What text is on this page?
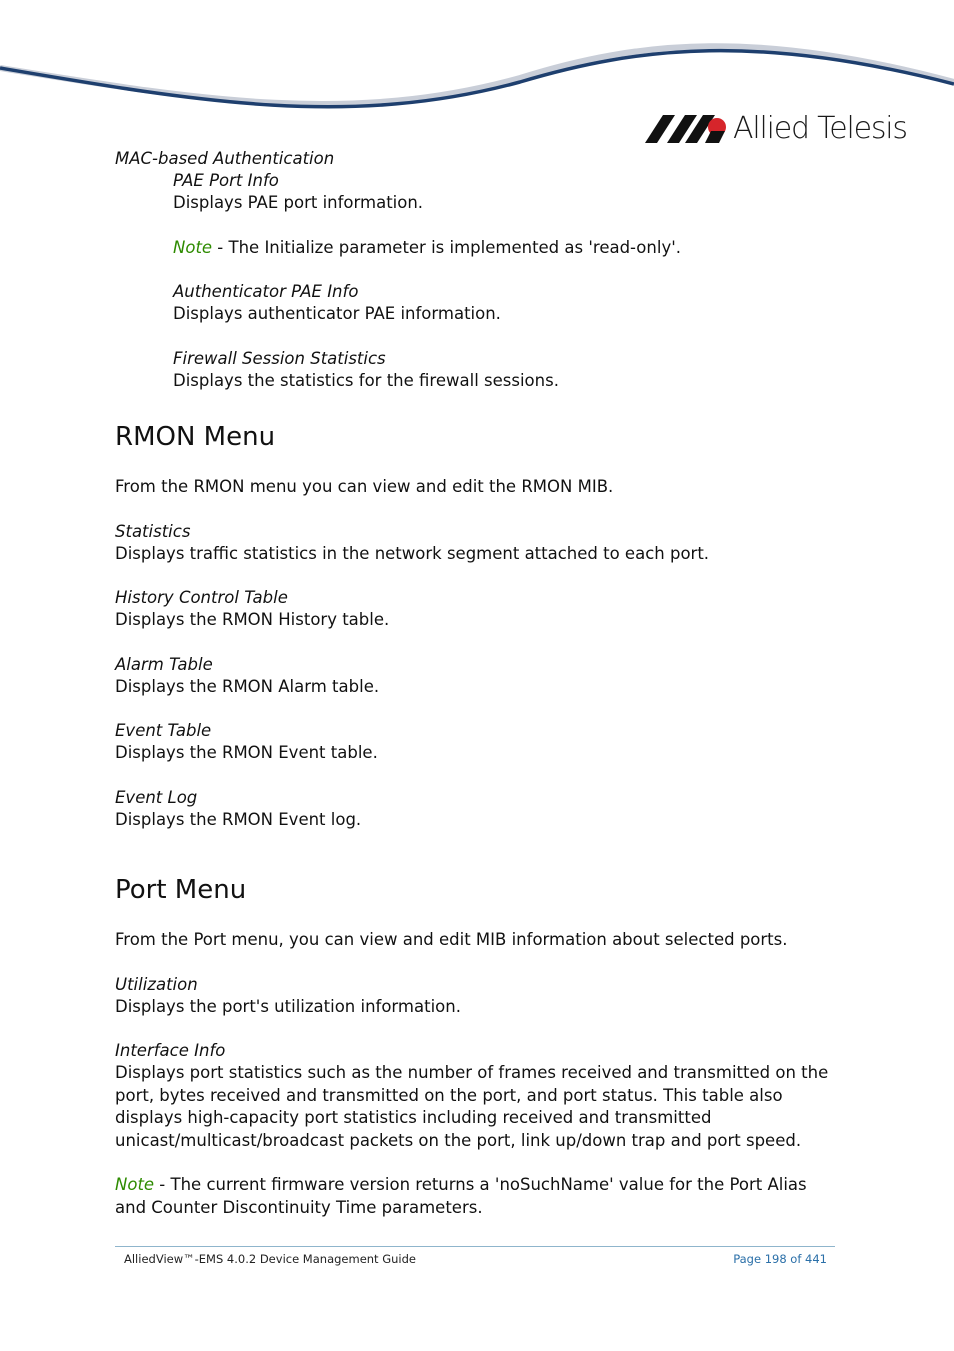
Allied Telesis

MAC-based Authentication

PAE Port Info

Displays PAE port information.

Note - The Initialize parameter is implemented as 'read-only'.

Authenticator PAE Info

Displays authenticator PAE information.

Firewall Session Statistics

Displays the statistics for the firewall sessions.

RMON Menu

From the RMON menu you can view and edit the RMON MIB.

Statistics

Displays traffic statistics in the network segment attached to each port.

History Control Table

Displays the RMON History table.

Alarm Table

Displays the RMON Alarm table.

Event Table

Displays the RMON Event table.

Event Log

Displays the RMON Event log.

Port Menu

From the Port menu, you can view and edit MIB information about selected ports.

Utilization

Displays the port's utilization information.

Interface Info

Displays port statistics such as the number of frames received and transmitted on the port, bytes received and transmitted on the port, and port status. This table also displays high-capacity port statistics including received and transmitted unicast/multicast/broadcast packets on the port, link up/down trap and port speed.

Note - The current firmware version returns a 'noSuchName' value for the Port Alias and Counter Discontinuity Time parameters.

AlliedView™-EMS 4.0.2 Device Management Guide	Page 198 of 441
